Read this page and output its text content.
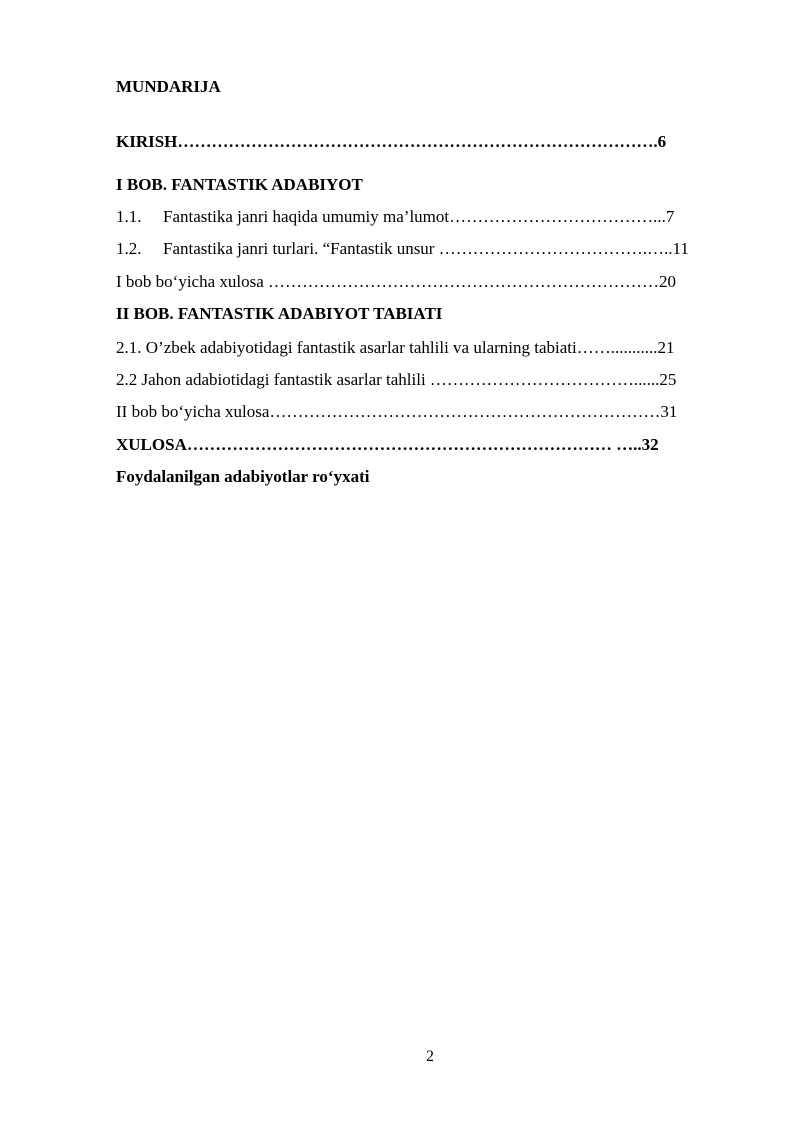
MUNDARIJA
KIRISH………………………………………………………………………….6
I BOB. FANTASTIK ADABIYOT
1.1. Fantastika janri haqida umumiy ma’lumot………………………………...7
1.2. Fantastika janri turlari. “Fantastik unsur ……………………………….…..11
I bob bo‘yicha xulosa ……………………………………………………………20
II BOB. FANTASTIK ADABIYOT TABIATI
2.1. O’zbek adabiyotidagi fantastik asarlar tahlili va ularning tabiati……...........21
2.2 Jahon adabiotidagi fantastik asarlar tahlili ………………………………......25
II bob bo‘yicha xulosa……………………………………………………………31
XULOSA………………………………………………………………… …..32
Foydalanilgan adabiyotlar ro‘yxati
2
